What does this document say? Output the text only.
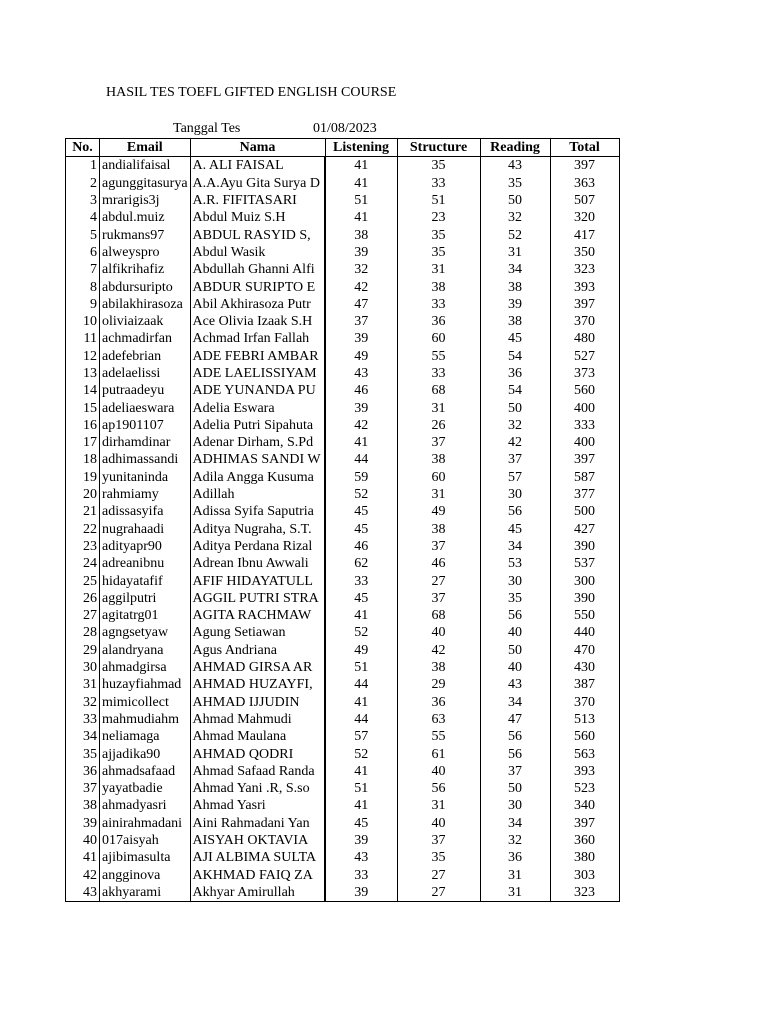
HASIL TES TOEFL GIFTED ENGLISH COURSE
Tanggal Tes	01/08/2023
No.	Email	Nama	Listening	Structure	Reading	Total
1	andialifaisal	A. ALI FAISAL	41	35	43	397
2	agunggitasurya	A.A.Ayu Gita Surya D	41	33	35	363
3	mrarigis3j	A.R. FIFITASARI	51	51	50	507
4	abdul.muiz	Abdul Muiz S.H	41	23	32	320
5	rukmans97	ABDUL RASYID S,	38	35	52	417
6	alweyspro	Abdul Wasik	39	35	31	350
7	alfikrihafiz	Abdullah Ghanni Alfi	32	31	34	323
8	abdursuripto	ABDUR SURIPTO E	42	38	38	393
9	abilakhirasoza	Abil Akhirasoza Putr	47	33	39	397
10	oliviaizaak	Ace Olivia Izaak S.H	37	36	38	370
11	achmadirfan	Achmad Irfan Fallah	39	60	45	480
12	adefebrian	ADE FEBRI AMBAR	49	55	54	527
13	adelaelissi	ADE LAELISSIYAM	43	33	36	373
14	putraadeyu	ADE YUNANDA PU	46	68	54	560
15	adeliaeswara	Adelia Eswara	39	31	50	400
16	ap1901107	Adelia Putri Sipahuta	42	26	32	333
17	dirhamdinar	Adenar Dirham, S.Pd	41	37	42	400
18	adhimassandi	ADHIMAS SANDI W	44	38	37	397
19	yunitaninda	Adila Angga Kusuma	59	60	57	587
20	rahmiamy	Adillah	52	31	30	377
21	adissasyifa	Adissa Syifa Saputria	45	49	56	500
22	nugrahaadi	Aditya Nugraha, S.T.	45	38	45	427
23	adityapr90	Aditya Perdana Rizal	46	37	34	390
24	adreanibnu	Adrean Ibnu Awwali	62	46	53	537
25	hidayatafif	AFIF HIDAYATULL	33	27	30	300
26	aggilputri	AGGIL PUTRI STRA	45	37	35	390
27	agitatrg01	AGITA RACHMAW	41	68	56	550
28	agngsetyaw	Agung Setiawan	52	40	40	440
29	alandryana	Agus Andriana	49	42	50	470
30	ahmadgirsa	AHMAD GIRSA AR	51	38	40	430
31	huzayfiahmad	AHMAD HUZAYFI,	44	29	43	387
32	mimicollect	AHMAD IJJUDIN	41	36	34	370
33	mahmudiahm	Ahmad Mahmudi	44	63	47	513
34	neliamaga	Ahmad Maulana	57	55	56	560
35	ajjadika90	AHMAD QODRI	52	61	56	563
36	ahmadsafaad	Ahmad Safaad Randa	41	40	37	393
37	yayatbadie	Ahmad Yani .R, S.so	51	56	50	523
38	ahmadyasri	Ahmad Yasri	41	31	30	340
39	ainirahmadani	Aini Rahmadani Yan	45	40	34	397
40	017aisyah	AISYAH OKTAVIA	39	37	32	360
41	ajibimasulta	AJI ALBIMA SULTA	43	35	36	380
42	angginova	AKHMAD FAIQ ZA	33	27	31	303
43	akhyarami	Akhyar Amirullah	39	27	31	323
